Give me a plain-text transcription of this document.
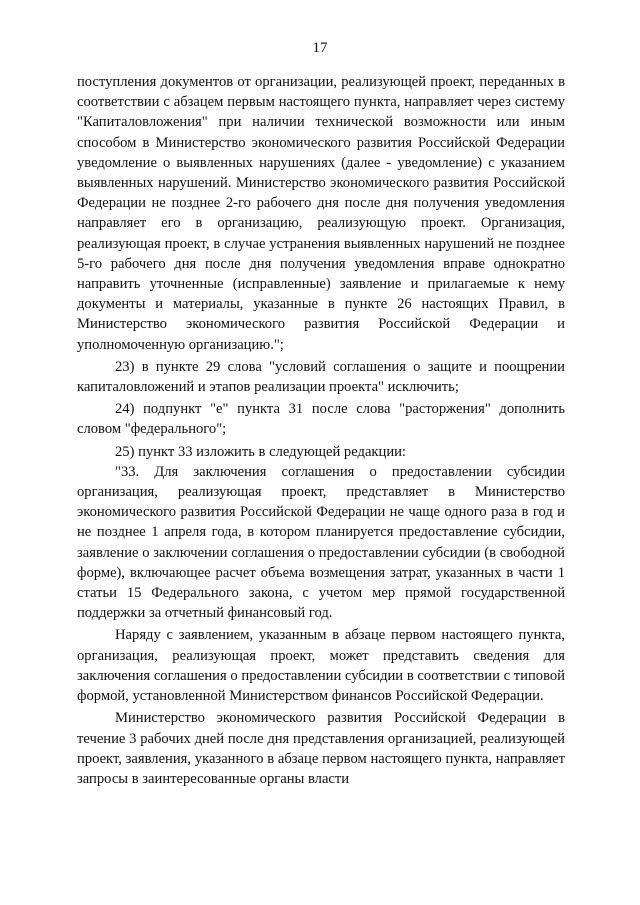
17

поступления документов от организации, реализующей проект, переданных в соответствии с абзацем первым настоящего пункта, направляет через систему "Капиталовложения" при наличии технической возможности или иным способом в Министерство экономического развития Российской Федерации уведомление о выявленных нарушениях (далее - уведомление) с указанием выявленных нарушений. Министерство экономического развития Российской Федерации не позднее 2-го рабочего дня после дня получения уведомления направляет его в организацию, реализующую проект. Организация, реализующая проект, в случае устранения выявленных нарушений не позднее 5-го рабочего дня после дня получения уведомления вправе однократно направить уточненные (исправленные) заявление и прилагаемые к нему документы и материалы, указанные в пункте 26 настоящих Правил, в Министерство экономического развития Российской Федерации и уполномоченную организацию.";

23) в пункте 29 слова "условий соглашения о защите и поощрении капиталовложений и этапов реализации проекта" исключить;

24) подпункт "е" пункта 31 после слова "расторжения" дополнить словом "федерального";

25) пункт 33 изложить в следующей редакции:

"33. Для заключения соглашения о предоставлении субсидии организация, реализующая проект, представляет в Министерство экономического развития Российской Федерации не чаще одного раза в год и не позднее 1 апреля года, в котором планируется предоставление субсидии, заявление о заключении соглашения о предоставлении субсидии (в свободной форме), включающее расчет объема возмещения затрат, указанных в части 1 статьи 15 Федерального закона, с учетом мер прямой государственной поддержки за отчетный финансовый год.

Наряду с заявлением, указанным в абзаце первом настоящего пункта, организация, реализующая проект, может представить сведения для заключения соглашения о предоставлении субсидии в соответствии с типовой формой, установленной Министерством финансов Российской Федерации.

Министерство экономического развития Российской Федерации в течение 3 рабочих дней после дня представления организацией, реализующей проект, заявления, указанного в абзаце первом настоящего пункта, направляет запросы в заинтересованные органы власти
